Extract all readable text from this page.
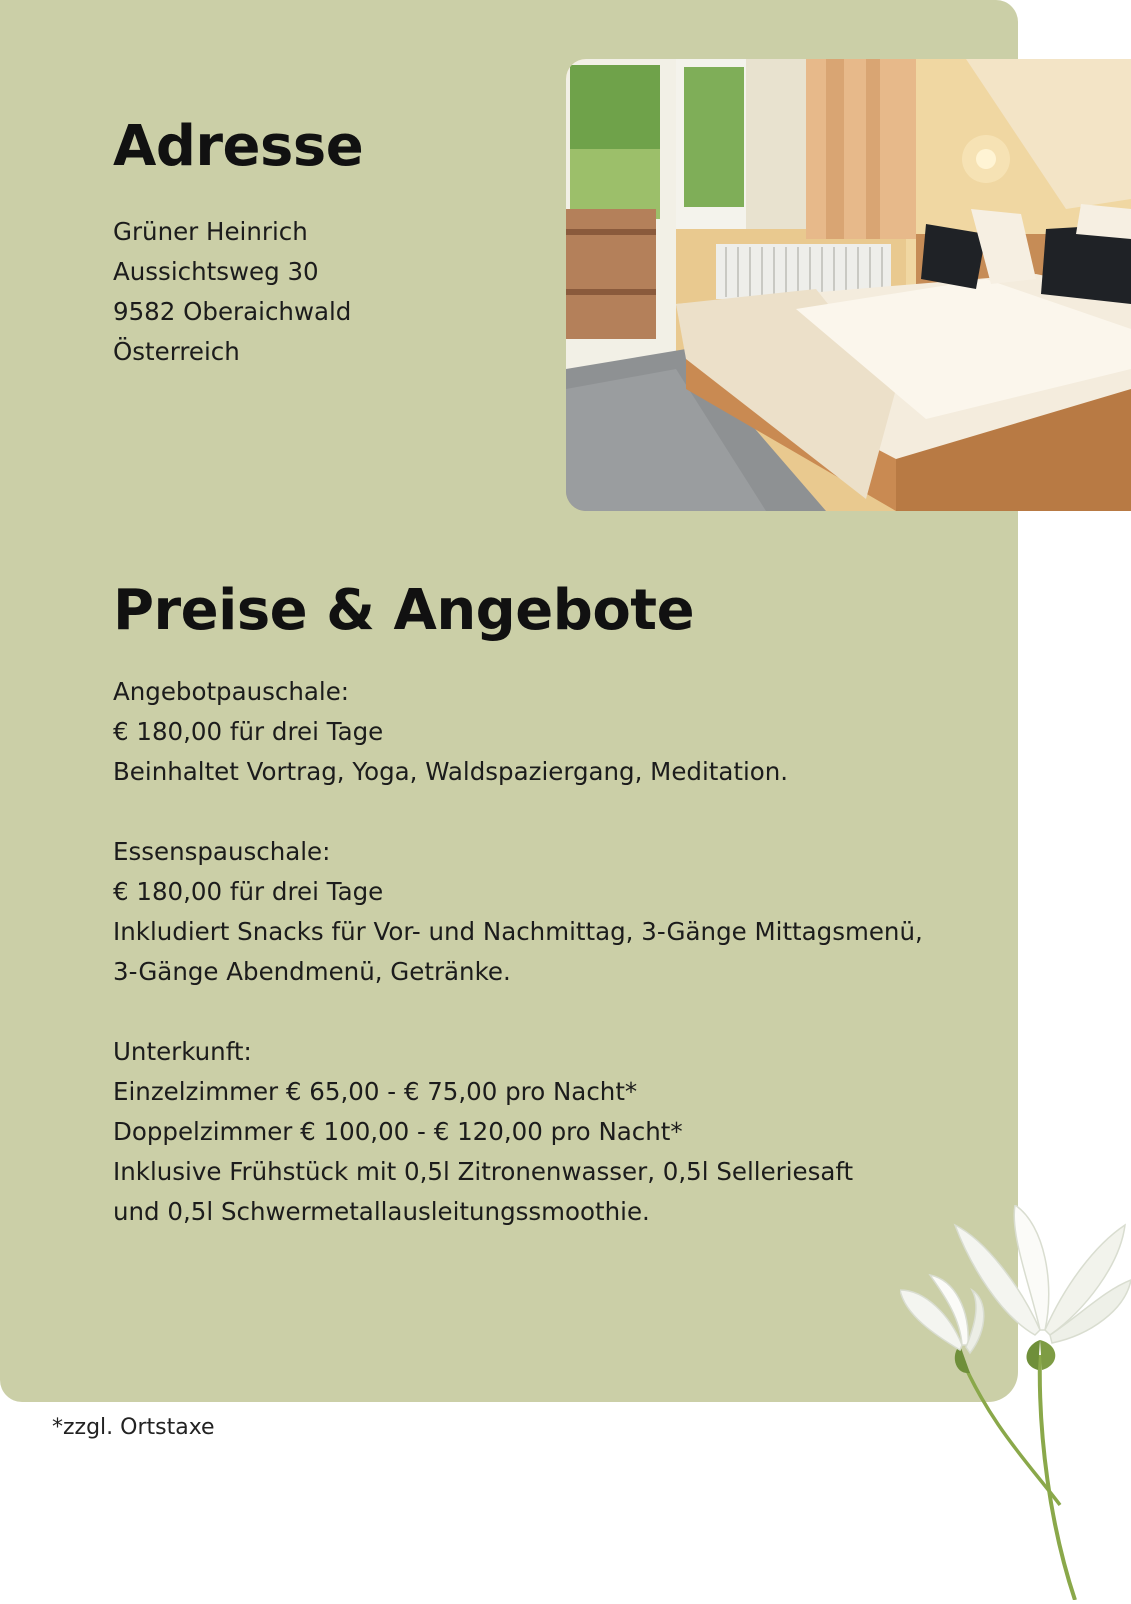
Adresse
Grüner Heinrich
Aussichtsweg 30
9582 Oberaichwald
Österreich
Preise & Angebote
Angebotpauschale:
€ 180,00 für drei Tage
Beinhaltet Vortrag, Yoga, Waldspaziergang, Meditation.
Essenspauschale:
€ 180,00 für drei Tage
Inkludiert Snacks für Vor- und Nachmittag, 3-Gänge Mittagsmenü,
3-Gänge Abendmenü, Getränke.
Unterkunft:
Einzelzimmer € 65,00 - € 75,00 pro Nacht*
Doppelzimmer € 100,00 - € 120,00 pro Nacht*
Inklusive Frühstück mit 0,5l Zitronenwasser, 0,5l Selleriesaft
und 0,5l Schwermetallausleitungssmoothie.
*zzgl. Ortstaxe
